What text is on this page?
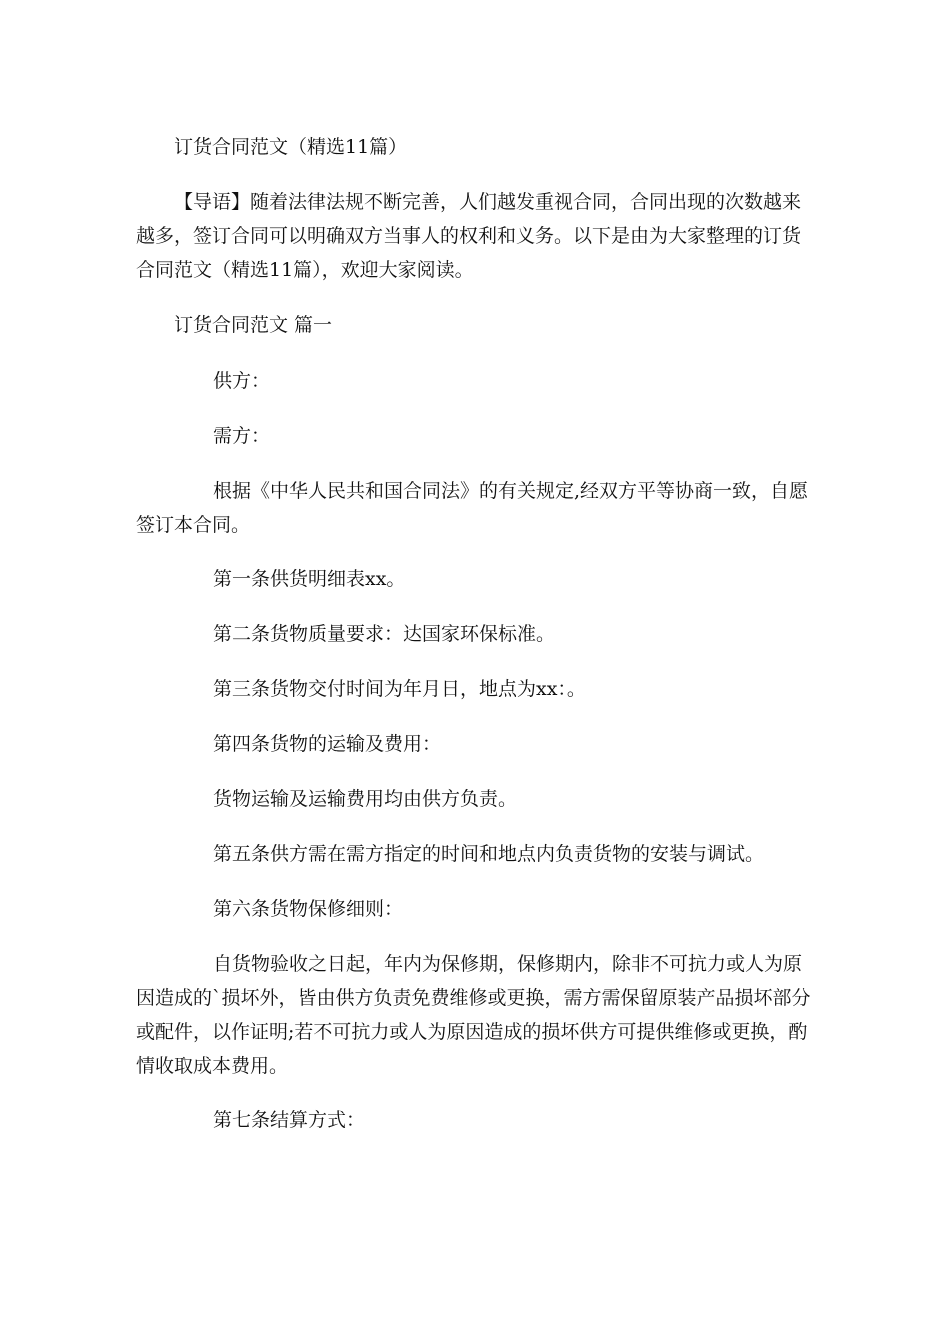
订货合同范文（精选11篇）

【导语】随着法律法规不断完善，人们越发重视合同，合同出现的次数越来越多，签订合同可以明确双方当事人的权利和义务。以下是由为大家整理的订货合同范文（精选11篇），欢迎大家阅读。

订货合同范文 篇一

供方：

需方：

根据《中华人民共和国合同法》的有关规定,经双方平等协商一致，自愿签订本合同。

第一条供货明细表xx。

第二条货物质量要求：达国家环保标准。

第三条货物交付时间为年月日，地点为xx：。

第四条货物的运输及费用：

货物运输及运输费用均由供方负责。

第五条供方需在需方指定的时间和地点内负责货物的安装与调试。

第六条货物保修细则：

自货物验收之日起，年内为保修期，保修期内，除非不可抗力或人为原因造成的`损坏外，皆由供方负责免费维修或更换，需方需保留原装产品损坏部分或配件，以作证明;若不可抗力或人为原因造成的损坏供方可提供维修或更换，酌情收取成本费用。

第七条结算方式：
